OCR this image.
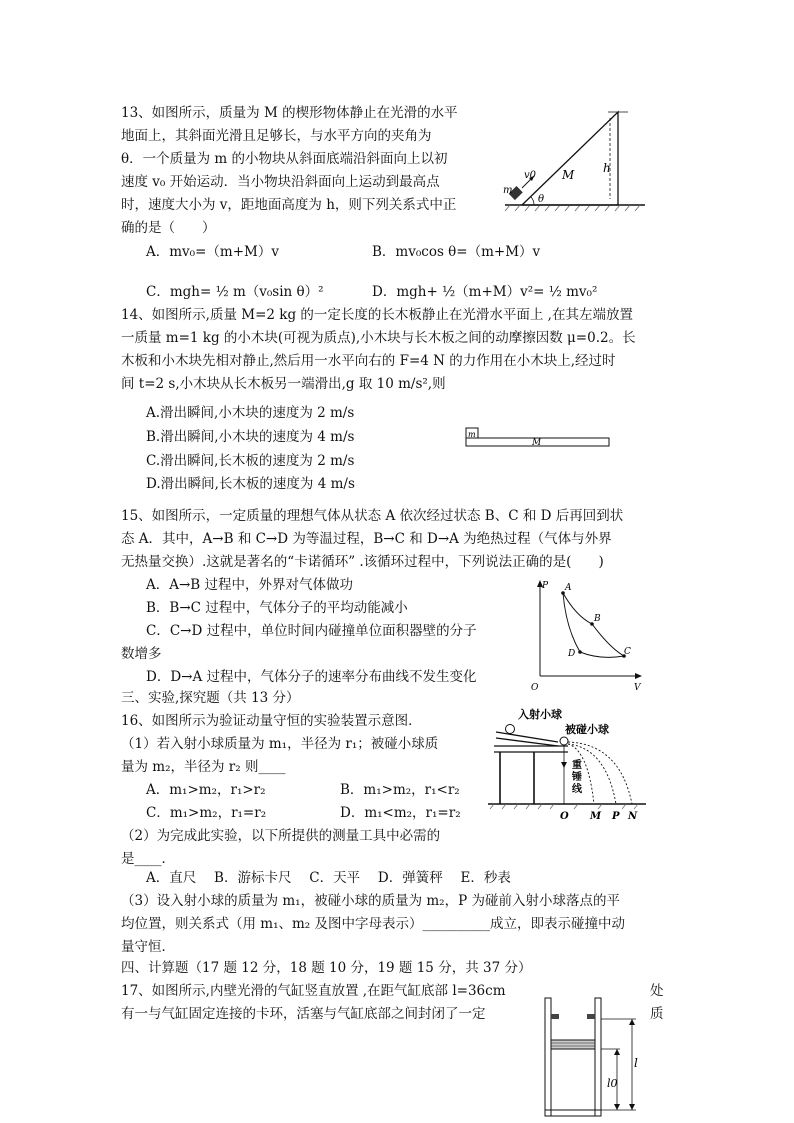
13、如图所示，质量为 M 的楔形物体静止在光滑的水平
地面上，其斜面光滑且足够长，与水平方向的夹角为
θ．一个质量为 m 的小物块从斜面底端沿斜面向上以初
速度 v₀ 开始运动．当小物块沿斜面向上运动到最高点
时，速度大小为 v，距地面高度为 h，则下列关系式中正
确的是（　　）
A．mv₀=（m+M）v	B．mv₀cos θ=（m+M）v
C．mgh= ½ m（v₀sin θ）²	D．mgh+ ½（m+M）v²= ½ mv₀²
h
M
m
v0
θ
14、如图所示,质量 M=2 kg 的一定长度的长木板静止在光滑水平面上 ,在其左端放置
一质量 m=1 kg 的小木块(可视为质点),小木块与长木板之间的动摩擦因数 μ=0.2。长
木板和小木块先相对静止,然后用一水平向右的 F=4 N 的力作用在小木块上,经过时
间 t=2 s,小木块从长木板另一端滑出,g 取 10 m/s²,则
A.滑出瞬间,小木块的速度为 2 m/s
B.滑出瞬间,小木块的速度为 4 m/s
C.滑出瞬间,长木板的速度为 2 m/s
D.滑出瞬间,长木板的速度为 4 m/s
m
M
15、如图所示，一定质量的理想气体从状态 A 依次经过状态 B、C 和 D 后再回到状
态 A．其中，A→B 和 C→D 为等温过程，B→C 和 D→A 为绝热过程（气体与外界
无热量交换）.这就是著名的“卡诺循环” .该循环过程中，下列说法正确的是(　　)
A．A→B 过程中，外界对气体做功
B．B→C 过程中，气体分子的平均动能减小
C．C→D 过程中，单位时间内碰撞单位面积器壁的分子
数增多
D．D→A 过程中，气体分子的速率分布曲线不发生变化
P
V
O
A
B
C
D
三、实验,探究题（共 13 分）
16、如图所示为验证动量守恒的实验装置示意图．
（1）若入射小球质量为 m₁，半径为 r₁；被碰小球质
量为 m₂，半径为 r₂ 则____
A．m₁>m₂，r₁>r₂	B．m₁>m₂，r₁<r₂
C．m₁>m₂，r₁=r₂	D．m₁<m₂，r₁=r₂
（2）为完成此实验，以下所提供的测量工具中必需的
是____．
A．直尺　 B．游标卡尺　 C．天平　 D．弹簧秤　 E．秒表
（3）设入射小球的质量为 m₁，被碰小球的质量为 m₂，P 为碰前入射小球落点的平
均位置，则关系式（用 m₁、m₂ 及图中字母表示）__________成立，即表示碰撞中动
量守恒．
入射小球
被碰小球
重
锤
线
O M P N
四、计算题（17 题 12 分，18 题 10 分，19 题 15 分，共 37 分）
17、如图所示,内壁光滑的气缸竖直放置 ,在距气缸底部 l=36cm	处
有一与气缸固定连接的卡环，活塞与气缸底部之间封闭了一定	质
l
l0
